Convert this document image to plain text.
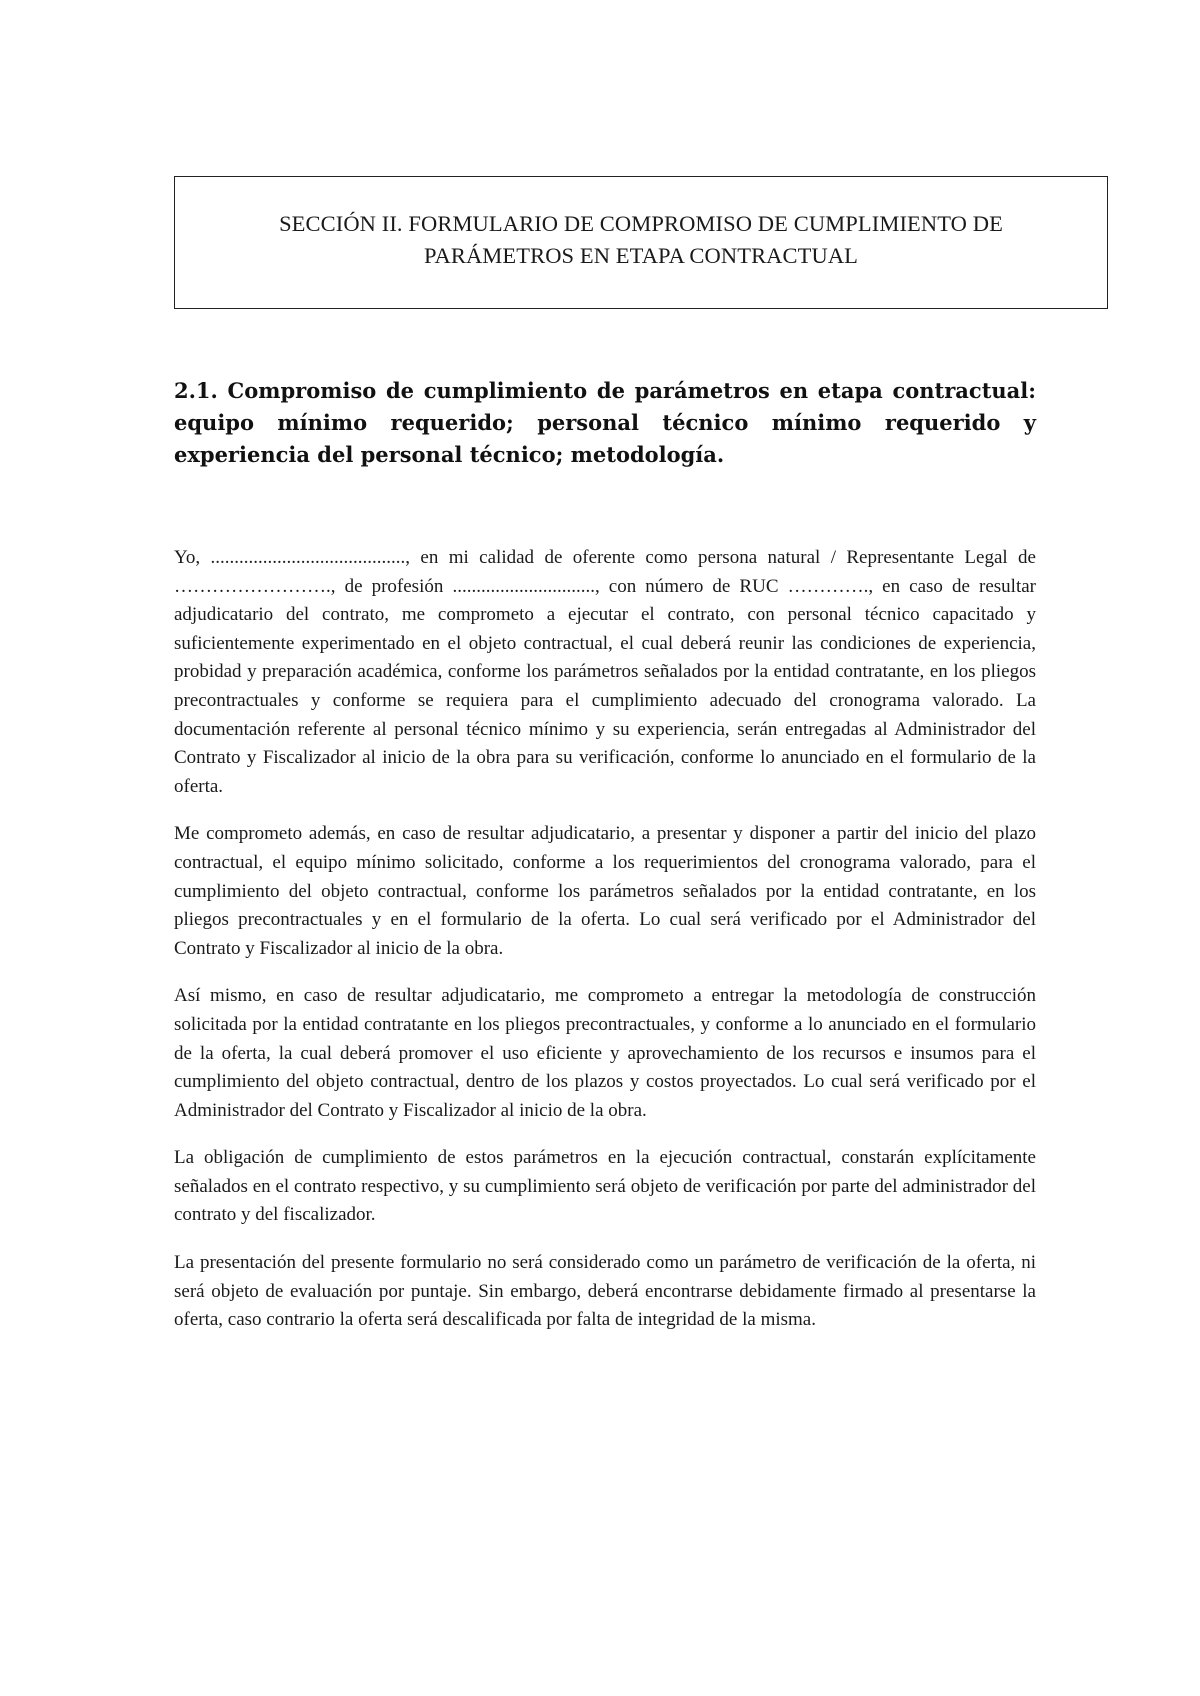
SECCIÓN II. FORMULARIO DE COMPROMISO DE CUMPLIMIENTO DE
PARÁMETROS EN ETAPA CONTRACTUAL
2.1. Compromiso de cumplimiento de parámetros en etapa contractual: equipo mínimo requerido; personal técnico mínimo requerido y experiencia del personal técnico; metodología.

Yo, ........................................., en mi calidad de oferente como persona natural / Representante Legal de ……………………., de profesión .............................., con número de RUC …………., en caso de resultar adjudicatario del contrato, me comprometo a ejecutar el contrato, con personal técnico capacitado y suficientemente experimentado en el objeto contractual, el cual deberá reunir las condiciones de experiencia, probidad y preparación académica, conforme los parámetros señalados por la entidad contratante, en los pliegos precontractuales y conforme se requiera para el cumplimiento adecuado del cronograma valorado. La documentación referente al personal técnico mínimo y su experiencia, serán entregadas al Administrador del Contrato y Fiscalizador al inicio de la obra para su verificación, conforme lo anunciado en el formulario de la oferta.

Me comprometo además, en caso de resultar adjudicatario, a presentar y disponer a partir del inicio del plazo contractual, el equipo mínimo solicitado, conforme a los requerimientos del cronograma valorado, para el cumplimiento del objeto contractual, conforme los parámetros señalados por la entidad contratante, en los pliegos precontractuales y en el formulario de la oferta. Lo cual será verificado por el Administrador del Contrato y Fiscalizador al inicio de la obra.

Así mismo, en caso de resultar adjudicatario, me comprometo a entregar la metodología de construcción solicitada por la entidad contratante en los pliegos precontractuales, y conforme a lo anunciado en el formulario de la oferta, la cual deberá promover el uso eficiente y aprovechamiento de los recursos e insumos para el cumplimiento del objeto contractual, dentro de los plazos y costos proyectados. Lo cual será verificado por el Administrador del Contrato y Fiscalizador al inicio de la obra.

La obligación de cumplimiento de estos parámetros en la ejecución contractual, constarán explícitamente señalados en el contrato respectivo, y su cumplimiento será objeto de verificación por parte del administrador del contrato y del fiscalizador.

La presentación del presente formulario no será considerado como un parámetro de verificación de la oferta, ni será objeto de evaluación por puntaje. Sin embargo, deberá encontrarse debidamente firmado al presentarse la oferta, caso contrario la oferta será descalificada por falta de integridad de la misma.
